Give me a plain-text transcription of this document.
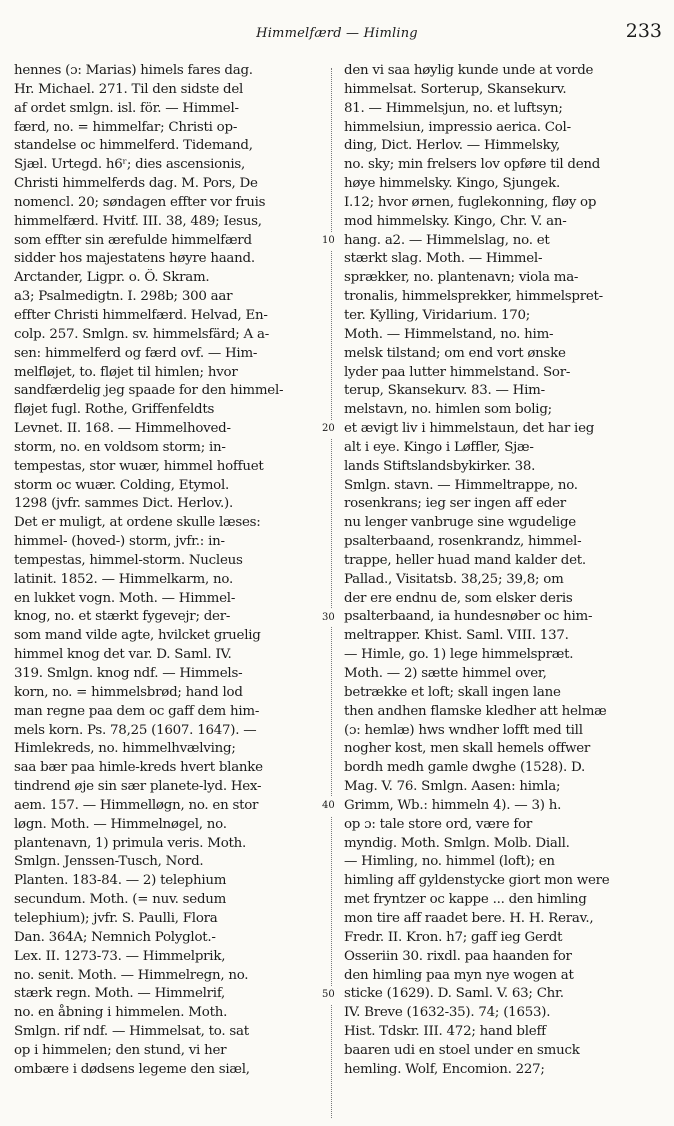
Himmelfærd — Himling	233
hennes (ɔ: Marias) himels fares dag.
Hr. Michael. 271. Til den sidste del
af ordet smlgn. isl. för. — Himmel-
færd, no. = himmelfar; Christi op-
standelse oc himmelferd. Tidemand,
Sjæl. Urtegd. h6ʳ; dies ascensionis,
Christi himmelferds dag. M. Pors, De
nomencl. 20; søndagen effter vor fruis
himmelfærd. Hvitf. III. 38, 489; Iesus,
som effter sin ærefulde himmelfærd
sidder hos majestatens høyre haand.
Arctander, Ligpr. o. Ö. Skram.
a3; Psalmedigtn. I. 298b; 300 aar
effter Christi himmelfærd. Helvad, En-
colp. 257. Smlgn. sv. himmelsfärd; A a-
sen: himmelferd og færd ovf. — Him-
melfløjet, to. fløjet til himlen; hvor
sandfærdelig jeg spaade for den himmel-
fløjet fugl. Rothe, Griffenfeldts
Levnet. II. 168. — Himmelhoved-
storm, no. en voldsom storm; in-
tempestas, stor wuær, himmel hoffuet
storm oc wuær. Colding, Etymol.
1298 (jvfr. sammes Dict. Herlov.).
Det er muligt, at ordene skulle læses:
himmel- (hoved-) storm, jvfr.: in-
tempestas, himmel-storm. Nucleus
latinit. 1852. — Himmelkarm, no.
en lukket vogn. Moth. — Himmel-
knog, no. et stærkt fygevejr; der-
som mand vilde agte, hvilcket gruelig
himmel knog det var. D. Saml. IV.
319. Smlgn. knog ndf. — Himmels-
korn, no. = himmelsbrød; hand lod
man regne paa dem oc gaff dem him-
mels korn. Ps. 78,25 (1607. 1647). —
Himlekreds, no. himmelhvælving;
saa bær paa himle-kreds hvert blanke
tindrend øje sin sær planete-lyd. Hex-
aem. 157. — Himmelløgn, no. en stor
løgn. Moth. — Himmelnøgel, no.
plantenavn, 1) primula veris. Moth.
Smlgn. Jenssen-Tusch, Nord.
Planten. 183-84. — 2) telephium
secundum. Moth. (= nuv. sedum
telephium); jvfr. S. Paulli, Flora
Dan. 364A; Nemnich Polyglot.-
Lex. II. 1273-73. — Himmelprik,
no. senit. Moth. — Himmelregn, no.
stærk regn. Moth. — Himmelrif,
no. en åbning i himmelen. Moth.
Smlgn. rif ndf. — Himmelsat, to. sat
op i himmelen; den stund, vi her
ombære i dødsens legeme den siæl,
10
20
30
40
50
den vi saa høylig kunde unde at vorde
himmelsat. Sorterup, Skansekurv.
81. — Himmelsjun, no. et luftsyn;
himmelsiun, impressio aerica. Col-
ding, Dict. Herlov. — Himmelsky,
no. sky; min frelsers lov opføre til dend
høye himmelsky. Kingo, Sjungek.
I.12; hvor ørnen, fuglekonning, fløy op
mod himmelsky. Kingo, Chr. V. an-
hang. a2. — Himmelslag, no. et
stærkt slag. Moth. — Himmel-
sprækker, no. plantenavn; viola ma-
tronalis, himmelsprekker, himmelspret-
ter. Kylling, Viridarium. 170;
Moth. — Himmelstand, no. him-
melsk tilstand; om end vort ønske
lyder paa lutter himmelstand. Sor-
terup, Skansekurv. 83. — Him-
melstavn, no. himlen som bolig;
et ævigt liv i himmelstaun, det har ieg
alt i eye. Kingo i Løffler, Sjæ-
lands Stiftslandsbykirker. 38.
Smlgn. stavn. — Himmeltrappe, no.
rosenkrans; ieg ser ingen aff eder
nu lenger vanbruge sine wgudelige
psalterbaand, rosenkrandz, himmel-
trappe, heller huad mand kalder det.
Pallad., Visitatsb. 38,25; 39,8; om
der ere endnu de, som elsker deris
psalterbaand, ia hundesnøber oc him-
meltrapper. Khist. Saml. VIII. 137.
— Himle, go. 1) lege himmelspræt.
Moth. — 2) sætte himmel over,
betrække et loft; skall ingen lane
then andhen flamske kledher att helmæ
(ɔ: hemlæ) hws wndher lofft med till
nogher kost, men skall hemels offwer
bordh medh gamle dwghe (1528). D.
Mag. V. 76. Smlgn. Aasen: himla;
Grimm, Wb.: himmeln 4). — 3) h.
op ɔ: tale store ord, være for
myndig. Moth. Smlgn. Molb. Diall.
— Himling, no. himmel (loft); en
himling aff gyldenstycke giort mon were
met fryntzer oc kappe ... den himling
mon tire aff raadet bere. H. H. Rerav.,
Fredr. II. Kron. h7; gaff ieg Gerdt
Osseriin 30. rixdl. paa haanden for
den himling paa myn nye wogen at
sticke (1629). D. Saml. V. 63; Chr.
IV. Breve (1632-35). 74; (1653).
Hist. Tdskr. III. 472; hand bleff
baaren udi en stoel under en smuck
hemling. Wolf, Encomion. 227;
